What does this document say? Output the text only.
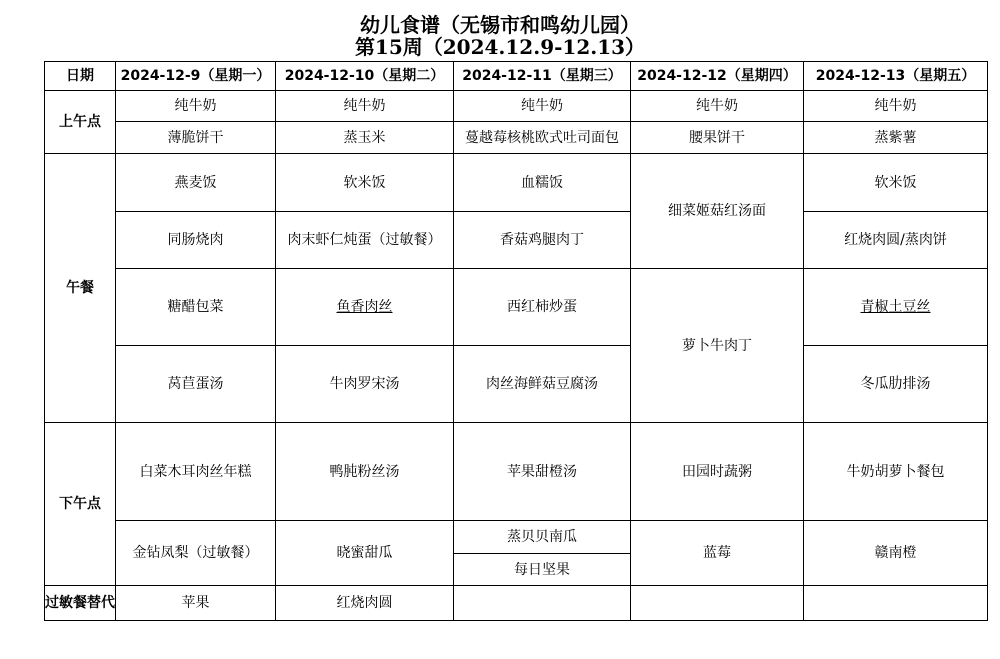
幼儿食谱（无锡市和鸣幼儿园）
第15周（2024.12.9-12.13）
日期	2024-12-9（星期一）	2024-12-10（星期二）	2024-12-11（星期三）	2024-12-12（星期四）	2024-12-13（星期五）
上午点	纯牛奶	纯牛奶	纯牛奶	纯牛奶	纯牛奶
	薄脆饼干	蒸玉米	蔓越莓核桃欧式吐司面包	腰果饼干	蒸紫薯
午餐	燕麦饭	软米饭	血糯饭	细菜姬菇红汤面	软米饭
	同肠烧肉	肉末虾仁炖蛋（过敏餐）	香菇鸡腿肉丁		红烧肉圆/蒸肉饼
	糖醋包菜	鱼香肉丝	西红柿炒蛋	萝卜牛肉丁	青椒土豆丝
	莴苣蛋汤	牛肉罗宋汤	肉丝海鲜菇豆腐汤		冬瓜肋排汤
下午点	白菜木耳肉丝年糕	鸭肫粉丝汤	苹果甜橙汤	田园时蔬粥	牛奶胡萝卜餐包
	金钻凤梨（过敏餐）	晓蜜甜瓜	蒸贝贝南瓜	蓝莓	赣南橙
			每日坚果		
过敏餐替代	苹果	红烧肉圆			
